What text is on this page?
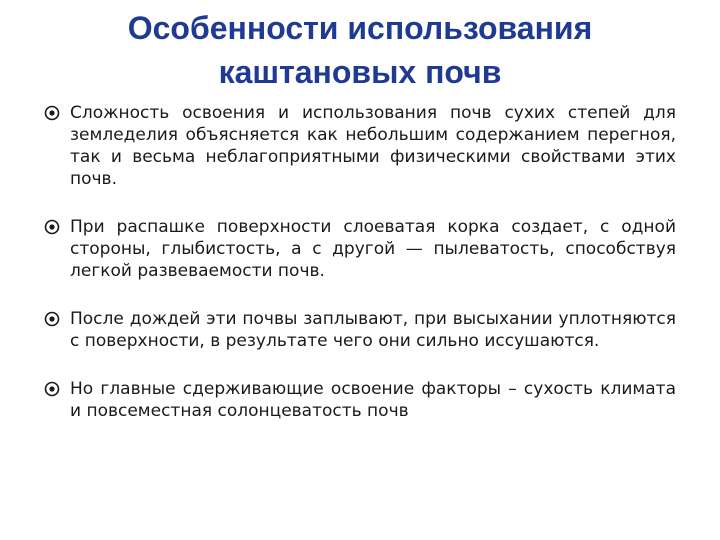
Особенности использования
каштановых почв
Сложность освоения и использования почв сухих степей для земледелия объясняется как небольшим содержанием перегноя, так и весьма неблагоприятными физическими свойствами этих почв.
При распашке поверхности слоеватая корка создает, с одной стороны, глыбистость, а с другой — пылеватость, способствуя легкой развеваемости почв.
После дождей эти почвы заплывают, при высыхании уплотняются с поверхности, в результате чего они сильно иссушаются.
Но главные сдерживающие освоение факторы – сухость климата и повсеместная солонцеватость почв
